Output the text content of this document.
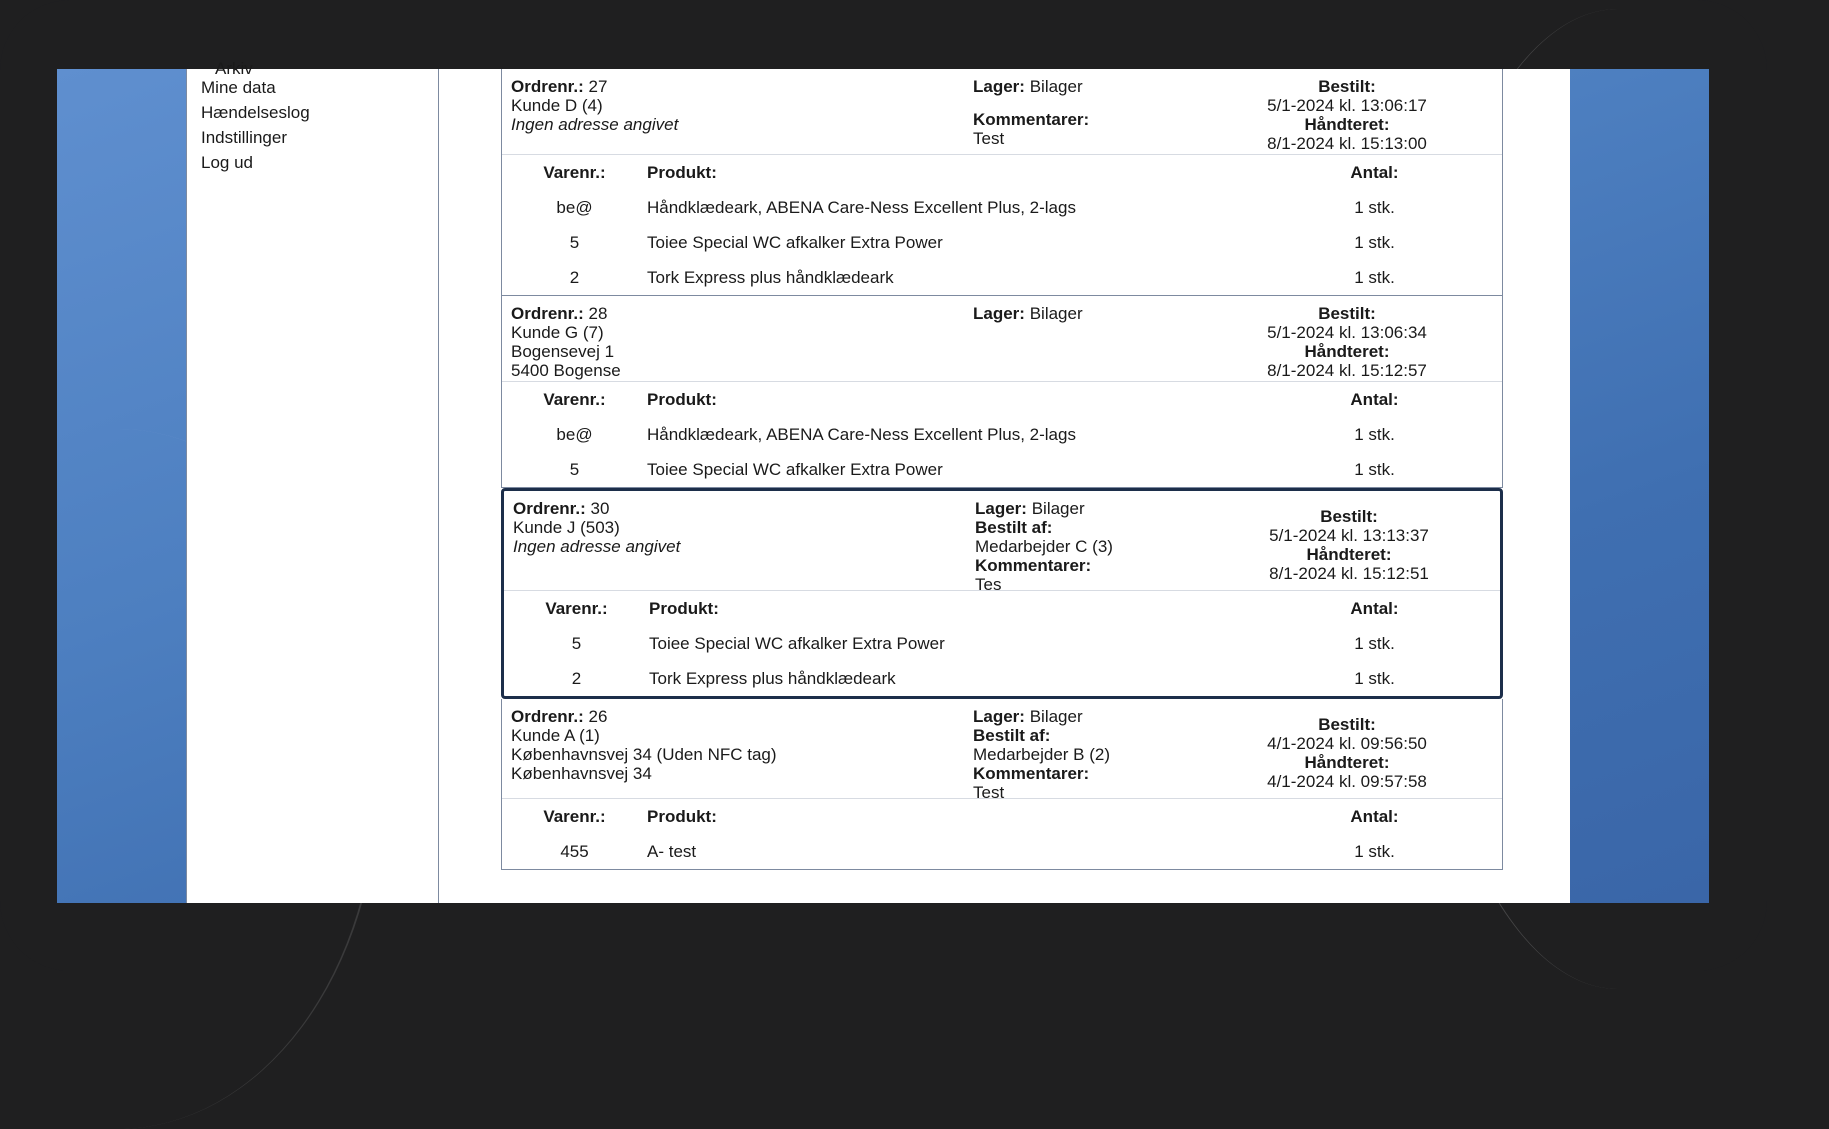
Arkiv
Mine data
Hændelseslog
Indstillinger
Log ud
Ordrenr.: 27
Kunde D (4)
Ingen adresse angivet
Lager: Bilager
Kommentarer:
Test
Bestilt:
5/1-2024 kl. 13:06:17
Håndteret:
8/1-2024 kl. 15:13:00
Varenr.:	Produkt:	Antal:
be@	Håndklædeark, ABENA Care-Ness Excellent Plus, 2-lags	1 stk.
5	Toiee Special WC afkalker Extra Power	1 stk.
2	Tork Express plus håndklædeark	1 stk.
Ordrenr.: 28
Kunde G (7)
Bogensevej 1
5400 Bogense
Lager: Bilager	Bestilt:
5/1-2024 kl. 13:06:34
Håndteret:
8/1-2024 kl. 15:12:57
Varenr.:	Produkt:	Antal:
be@	Håndklædeark, ABENA Care-Ness Excellent Plus, 2-lags	1 stk.
5	Toiee Special WC afkalker Extra Power	1 stk.
Ordrenr.: 30
Kunde J (503)
Ingen adresse angivet
Lager: Bilager
Bestilt af:
Medarbejder C (3)
Kommentarer:
Tes
Bestilt:
5/1-2024 kl. 13:13:37
Håndteret:
8/1-2024 kl. 15:12:51
Varenr.:	Produkt:	Antal:
5	Toiee Special WC afkalker Extra Power	1 stk.
2	Tork Express plus håndklædeark	1 stk.
Ordrenr.: 26
Kunde A (1)
Københavnsvej 34 (Uden NFC tag)
Københavnsvej 34
Lager: Bilager
Bestilt af:
Medarbejder B (2)
Kommentarer:
Test
Bestilt:
4/1-2024 kl. 09:56:50
Håndteret:
4/1-2024 kl. 09:57:58
Varenr.:	Produkt:	Antal:
455	A- test	1 stk.
